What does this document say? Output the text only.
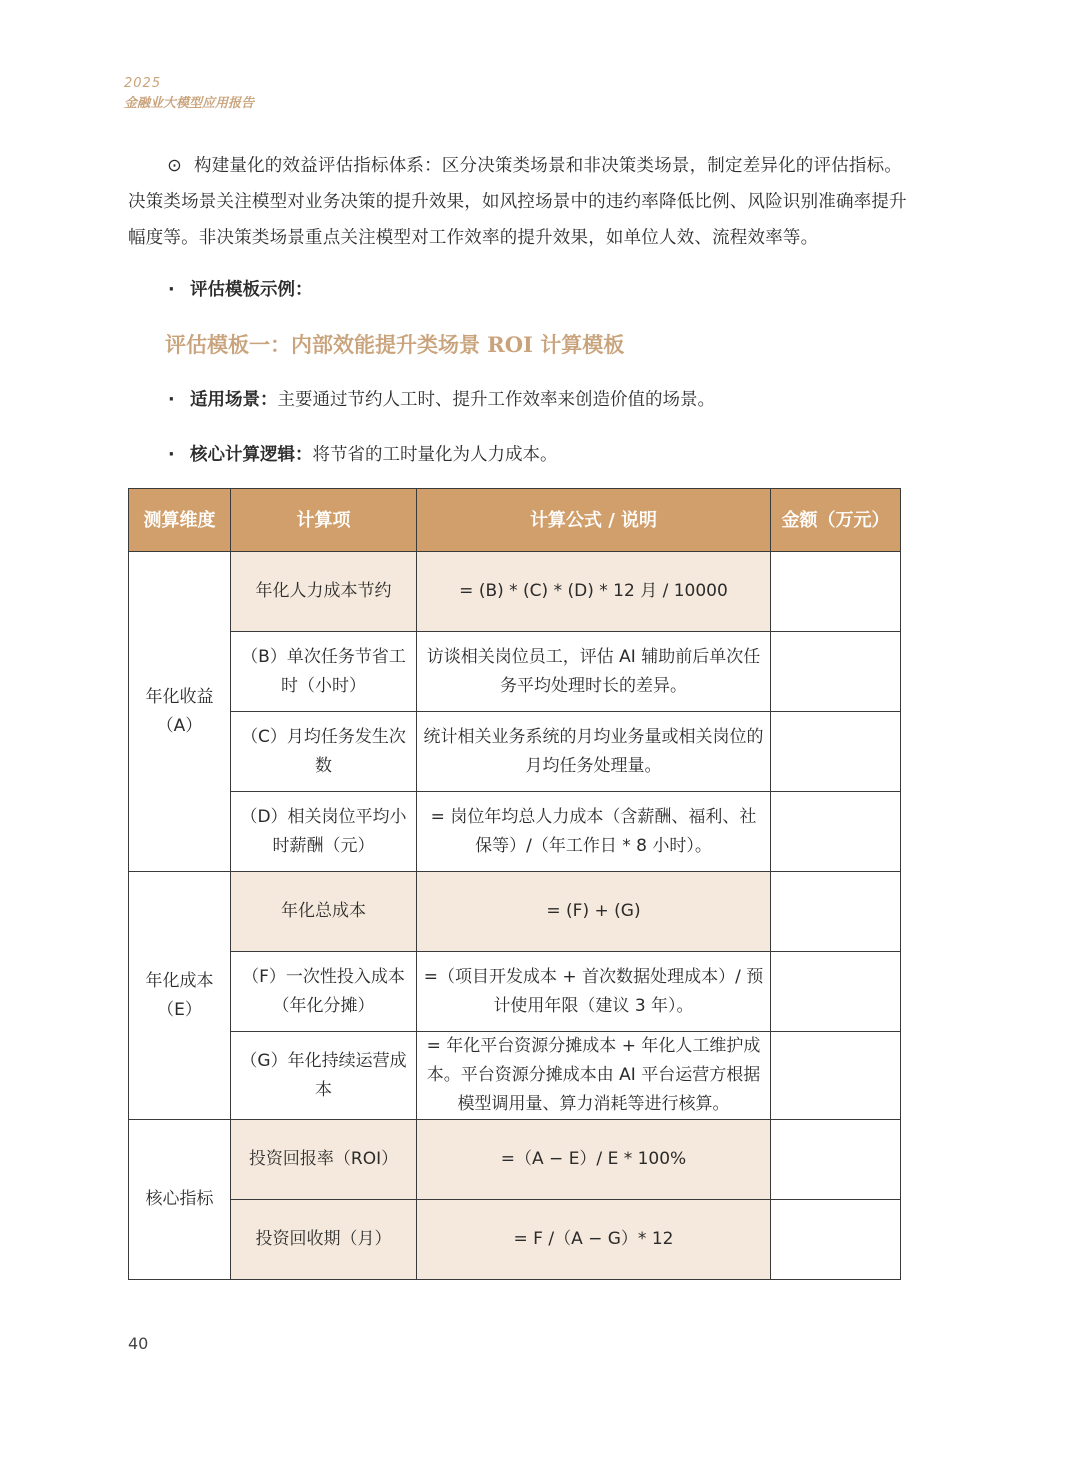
2025
金融业大模型应用报告
⊙ 构建量化的效益评估指标体系：区分决策类场景和非决策类场景，制定差异化的评估指标。决策类场景关注模型对业务决策的提升效果，如风控场景中的违约率降低比例、风险识别准确率提升幅度等。非决策类场景重点关注模型对工作效率的提升效果，如单位人效、流程效率等。
· 评估模板示例：
评估模板一：内部效能提升类场景 ROI 计算模板
· 适用场景：主要通过节约人工时、提升工作效率来创造价值的场景。
· 核心计算逻辑：将节省的工时量化为人力成本。
测算维度	计算项	计算公式 / 说明	金额（万元）
年化收益（A）	年化人力成本节约	= (B) * (C) * (D) * 12 月 / 10000	
	（B）单次任务节省工时（小时）	访谈相关岗位员工，评估 AI 辅助前后单次任务平均处理时长的差异。	
	（C）月均任务发生次数	统计相关业务系统的月均业务量或相关岗位的月均任务处理量。	
	（D）相关岗位平均小时薪酬（元）	= 岗位年均总人力成本（含薪酬、福利、社保等）/（年工作日 * 8 小时）。	
年化成本（E）	年化总成本	= (F) + (G)	
	（F）一次性投入成本（年化分摊）	=（项目开发成本 + 首次数据处理成本）/ 预计使用年限（建议 3 年）。	
	（G）年化持续运营成本	= 年化平台资源分摊成本 + 年化人工维护成本。平台资源分摊成本由 AI 平台运营方根据模型调用量、算力消耗等进行核算。	
核心指标	投资回报率（ROI）	=（A − E）/ E * 100%	
	投资回收期（月）	= F /（A − G）* 12	
40
